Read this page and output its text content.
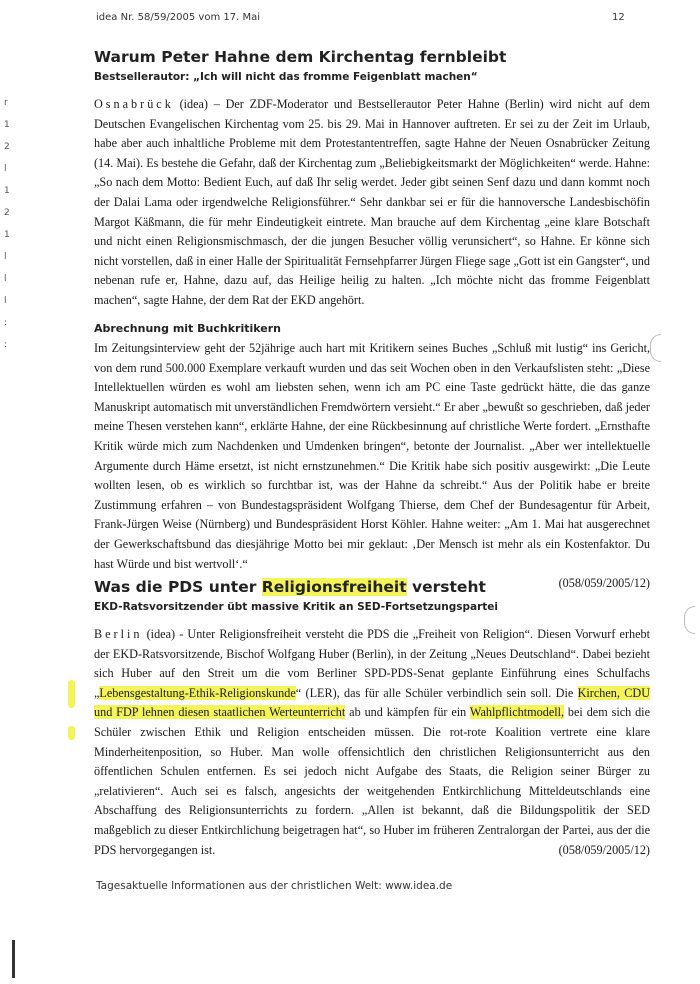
idea Nr. 58/59/2005 vom 17. Mai	12
r
1
2
l
1
2
1
l
l
l
:
:
Warum Peter Hahne dem Kirchentag fernbleibt
Bestsellerautor: „Ich will nicht das fromme Feigenblatt machen“

Osnabrück (idea) – Der ZDF-Moderator und Bestsellerautor Peter Hahne (Berlin) wird nicht auf dem Deutschen Evangelischen Kirchentag vom 25. bis 29. Mai in Hannover auftreten. Er sei zu der Zeit im Urlaub, habe aber auch inhaltliche Probleme mit dem Protestantentreffen, sagte Hahne der Neuen Osnabrücker Zeitung (14. Mai). Es bestehe die Gefahr, daß der Kirchentag zum „Beliebigkeitsmarkt der Möglichkeiten“ werde. Hahne: „So nach dem Motto: Bedient Euch, auf daß Ihr selig werdet. Jeder gibt seinen Senf dazu und dann kommt noch der Dalai Lama oder irgendwelche Religionsführer.“ Sehr dankbar sei er für die hannoversche Landesbischöfin Margot Käßmann, die für mehr Eindeutigkeit eintrete. Man brauche auf dem Kirchentag „eine klare Botschaft und nicht einen Religionsmischmasch, der die jungen Besucher völlig verunsichert“, so Hahne. Er könne sich nicht vorstellen, daß in einer Halle der Spiritualität Fernsehpfarrer Jürgen Fliege sage „Gott ist ein Gangster“, und nebenan rufe er, Hahne, dazu auf, das Heilige heilig zu halten. „Ich möchte nicht das fromme Feigenblatt machen“, sagte Hahne, der dem Rat der EKD angehört.

Abrechnung mit Buchkritikern

Im Zeitungsinterview geht der 52jährige auch hart mit Kritikern seines Buches „Schluß mit lustig“ ins Gericht, von dem rund 500.000 Exemplare verkauft wurden und das seit Wochen oben in den Verkaufslisten steht: „Diese Intellektuellen würden es wohl am liebsten sehen, wenn ich am PC eine Taste gedrückt hätte, die das ganze Manuskript automatisch mit unverständlichen Fremdwörtern versieht.“ Er aber „bewußt so geschrieben, daß jeder meine Thesen verstehen kann“, erklärte Hahne, der eine Rückbesinnung auf christliche Werte fordert. „Ernsthafte Kritik würde mich zum Nachdenken und Umdenken bringen“, betonte der Journalist. „Aber wer intellektuelle Argumente durch Häme ersetzt, ist nicht ernstzunehmen.“ Die Kritik habe sich positiv ausgewirkt: „Die Leute wollten lesen, ob es wirklich so furchtbar ist, was der Hahne da schreibt.“ Aus der Politik habe er breite Zustimmung erfahren – von Bundestagspräsident Wolfgang Thierse, dem Chef der Bundesagentur für Arbeit, Frank-Jürgen Weise (Nürnberg) und Bundespräsident Horst Köhler. Hahne weiter: „Am 1. Mai hat ausgerechnet der Gewerkschaftsbund das diesjährige Motto bei mir geklaut: ‚Der Mensch ist mehr als ein Kostenfaktor. Du hast Würde und bist wertvoll‘.“

(058/059/2005/12)

Was die PDS unter Religionsfreiheit versteht
EKD-Ratsvorsitzender übt massive Kritik an SED-Fortsetzungspartei

Berlin (idea) - Unter Religionsfreiheit versteht die PDS die „Freiheit von Religion“. Diesen Vorwurf erhebt der EKD-Ratsvorsitzende, Bischof Wolfgang Huber (Berlin), in der Zeitung „Neues Deutschland“. Dabei bezieht sich Huber auf den Streit um die vom Berliner SPD-PDS-Senat geplante Einführung eines Schulfachs „Lebensgestaltung-Ethik-Religionskunde“ (LER), das für alle Schüler verbindlich sein soll. Die Kirchen, CDU und FDP lehnen diesen staatlichen Werteunterricht ab und kämpfen für ein Wahlpflichtmodell, bei dem sich die Schüler zwischen Ethik und Religion entscheiden müssen. Die rot-rote Koalition vertrete eine klare Minderheitenposition, so Huber. Man wolle offensichtlich den christlichen Religionsunterricht aus den öffentlichen Schulen entfernen. Es sei jedoch nicht Aufgabe des Staats, die Religion seiner Bürger zu „relativieren“. Auch sei es falsch, angesichts der weitgehenden Entkirchlichung Mitteldeutschlands eine Abschaffung des Religionsunterrichts zu fordern. „Allen ist bekannt, daß die Bildungspolitik der SED maßgeblich zu dieser Entkirchlichung beigetragen hat“, so Huber im früheren Zentralorgan der Partei, aus der die PDS hervorgegangen ist.	(058/059/2005/12)

Tagesaktuelle Informationen aus der christlichen Welt: www.idea.de
